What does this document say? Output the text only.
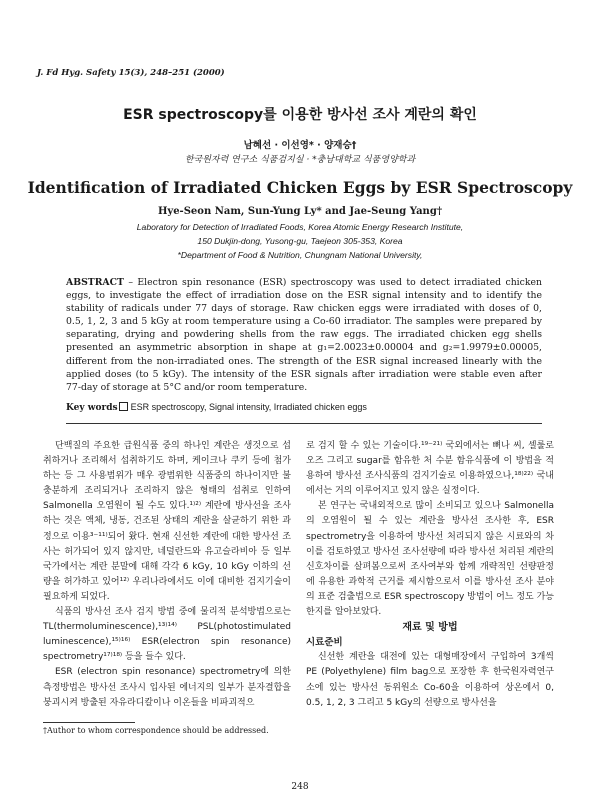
J. Fd Hyg. Safety 15(3), 248–251 (2000)
ESR spectroscopy를 이용한 방사선 조사 계란의 확인
남혜선 · 이선영* · 양재승†
한국원자력 연구소 식품검지실 · *충남대학교 식품영양학과
Identification of Irradiated Chicken Eggs by ESR Spectroscopy
Hye-Seon Nam, Sun-Yung Ly* and Jae-Seung Yang†
Laboratory for Detection of Irradiated Foods, Korea Atomic Energy Research Institute,
150 Dukjin-dong, Yusong-gu, Taejeon 305-353, Korea
*Department of Food & Nutrition, Chungnam National University,
ABSTRACT – Electron spin resonance (ESR) spectroscopy was used to detect irradiated chicken eggs, to investigate the effect of irradiation dose on the ESR signal intensity and to identify the stability of radicals under 77 days of storage. Raw chicken eggs were irradiated with doses of 0, 0.5, 1, 2, 3 and 5 kGy at room temperature using a Co-60 irradiator. The samples were prepared by separating, drying and powdering shells from the raw eggs. The irradiated chicken egg shells presented an asymmetric absorption in shape at g₁=2.0023±0.00004 and g₂=1.9979±0.00005, different from the non-irradiated ones. The strength of the ESR signal increased linearly with the applied doses (to 5 kGy). The intensity of the ESR signals after irradiation were stable even after 77-day of storage at 5°C and/or room temperature.
Key words ESR spectroscopy, Signal intensity, Irradiated chicken eggs

단백질의 주요한 급원식품 중의 하나인 계란은 생것으로 섭취하거나 조리해서 섭취하기도 하며, 케이크나 쿠키 등에 첨가하는 등 그 사용범위가 매우 광범위한 식품중의 하나이지만 불충분하게 조리되거나 조리하지 않은 형태의 섭취로 인하여 Salmonella 오염원이 될 수도 있다.¹⁾²⁾ 계란에 방사선을 조사하는 것은 액체, 냉동, 건조된 상태의 계란을 살균하기 위한 과정으로 이용³⁻¹¹⁾되어 왔다. 현재 신선한 계란에 대한 방사선 조사는 허가되어 있지 않지만, 네덜란드와 유고슬라비아 등 일부국가에서는 계란 분말에 대해 각각 6 kGy, 10 kGy 이하의 선량을 허가하고 있어¹²⁾ 우리나라에서도 이에 대비한 검지기술이 필요하게 되었다.

식품의 방사선 조사 검지 방법 중에 물리적 분석방법으로는 TL(thermoluminescence),¹³⁾¹⁴⁾ PSL(photostimulated luminescence),¹⁵⁾¹⁶⁾ ESR(electron spin resonance) spectrometry¹⁷⁾¹⁸⁾ 등을 들수 있다.

ESR (electron spin resonance) spectrometry에 의한 측정방법은 방사선 조사시 입사된 에너지의 일부가 분자결합을 붕괴시켜 방출된 자유라디칼이나 이온들을 비파괴적으

로 검지 할 수 있는 기술이다.¹⁹⁻²¹⁾ 국외에서는 뼈나 씨, 셀룰로오즈 그리고 sugar를 함유한 처 수분 함유식품에 이 방법을 적용하여 방사선 조사식품의 검지기술로 이용하였으나,¹⁸⁾²²⁾ 국내에서는 거의 이루어지고 있지 않은 실정이다.

본 연구는 국내외적으로 많이 소비되고 있으나 Salmonella의 오염원이 될 수 있는 계란을 방사선 조사한 후, ESR spectrometry을 이용하여 방사선 처리되지 않은 시료와의 차이를 검토하였고 방사선 조사선량에 따라 방사선 처리된 계란의 신호차이를 살펴봄으로써 조사여부와 함께 개략적인 선량판정에 유용한 과학적 근거를 제시함으로서 이를 방사선 조사 분야의 표준 검출법으로 ESR spectroscopy 방법이 어느 정도 가능한지를 알아보았다.

재료 및 방법

시료준비

신선한 계란을 대전에 있는 대형매장에서 구입하여 3개씩 PE (Polyethylene) film bag으로 포장한 후 한국원자력연구소에 있는 방사선 동위원소 Co-60을 이용하여 상온에서 0, 0.5, 1, 2, 3 그리고 5 kGy의 선량으로 방사선을

†Author to whom correspondence should be addressed.
248
